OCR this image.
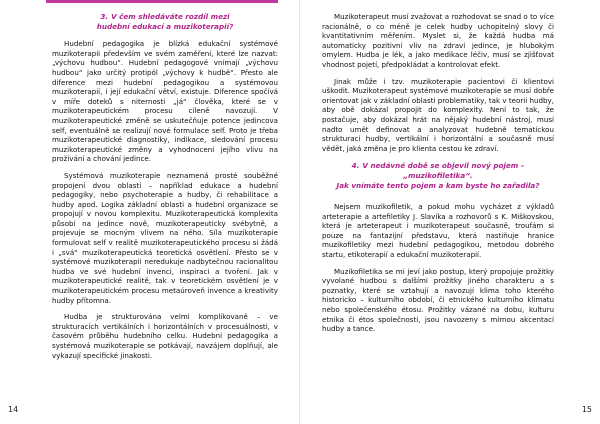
3. V čem shledáváte rozdíl mezi
hudební edukací a muzikoterapií?

Hudební pedagogika je blízká edukační systémové muzikoterapii především ve svém zaměření, které lze nazvat: „výchovu hudbou“. Hudební pedagogové vnímají „výchovu hudbou“ jako určitý protipól „výchovy k hudbě“. Přesto ale diference mezi hudební pedagogikou a systémovou muzikoterapií, i její edukační větví, existuje. Diference spočívá v míře doteků s niternosti „já“ člověka, které se v muzikoterapeutickém procesu cíleně navozují. V muzikoterapeutické změně se uskutečňuje potence jedincova self, eventuálně se realizují nové formulace self. Proto je třeba muzikoterapeutické diagnostiky, indikace, sledování procesu muzikoterapeutické změny a vyhodnocení jejího vlivu na prožívání a chování jedince.

Systémová muzikoterapie neznamená prosté souběžné propojení dvou oblastí – například edukace a hudební pedagogiky, nebo psychoterapie a hudby, či rehabilitace a hudby apod. Logika základní oblasti a hudební organizace se propojují v novou komplexitu. Muzikoterapeutická komplexita působí na jedince nově, muzikoterapeuticky svébytně, a projevuje se mocným vlivem na něho. Síla muzikoterapie formulovat self v realitě muzikoterapeutického procesu si žádá i „svá“ muzikoterapeutická teoretická osvětlení. Přesto se v systémové muzikoterapii neredukuje nadbytečnou racionalitou hudba ve své hudební invenci, inspiraci a tvoření. Jak v muzikoterapeutické realitě, tak v teoretickém osvětlení je v muzikoterapeutickém procesu metaúroveň invence a kreativity hudby přítomna.

Hudba je strukturována velmi komplikovaně – ve strukturacích vertikálních i horizontálních v procesuálnosti, v časovém průběhu hudebního celku. Hudební pedagogika a systémová muzikoterapie se potkávají, navzájem doplňují, ale vykazují specifické jinakosti.

14

Muzikoterapeut musí zvažovat a rozhodovat se snad o to více racionálně, o co méně je celek hudby uchopitelný slovy či kvantitativním měřením. Myslet si, že každá hudba má automaticky pozitivní vliv na zdraví jedince, je hlubokým omylem. Hudba je lék, a jako medikace léčiv, musí se zjišťovat vhodnost pojetí, předpokládat a kontrolovat efekt.

Jinak může i tzv. muzikoterapie pacientovi či klientovi uškodit. Muzikoterapeut systémové muzikoterapie se musí dobře orientovat jak v základní oblasti problematiky, tak v teorii hudby, aby obě dokázal propojit do komplexity. Není to tak, že postačuje, aby dokázal hrát na nějaký hudební nástroj, musí nadto umět definovat a analyzovat hudebně tematickou strukturaci hudby, vertikální i horizontální a současně musí vědět, jaká změna je pro klienta cestou ke zdraví.

4. V nedávné době se objevil nový pojem – „muzikofiletika“.
Jak vnímáte tento pojem a kam byste ho zařadila?

Nejsem muzikofiletik, a pokud mohu vycházet z výkladů arteterapie a artefiletiky J. Slavíka a rozhovorů s K. Miškovskou, která je arteterapeut i muzikoterapeut současně, troufám si pouze na fantazijní představu, která nastiňuje hranice muzikofiletiky mezi hudební pedagogikou, metodou dobrého startu, etikoterapií a edukační muzikoterapií.

Muzikofiletika se mi jeví jako postup, který propojuje prožitky vyvolané hudbou s dalšími prožitky jiného charakteru a s poznatky, které se vztahují a navozují klima toho kterého historicko – kulturního období, či etnického kulturního klimatu nebo společenského étosu. Prožitky vázané na dobu, kulturu etnika či étos společnosti, jsou navozeny s mírnou akcentací hudby a tance.

15
